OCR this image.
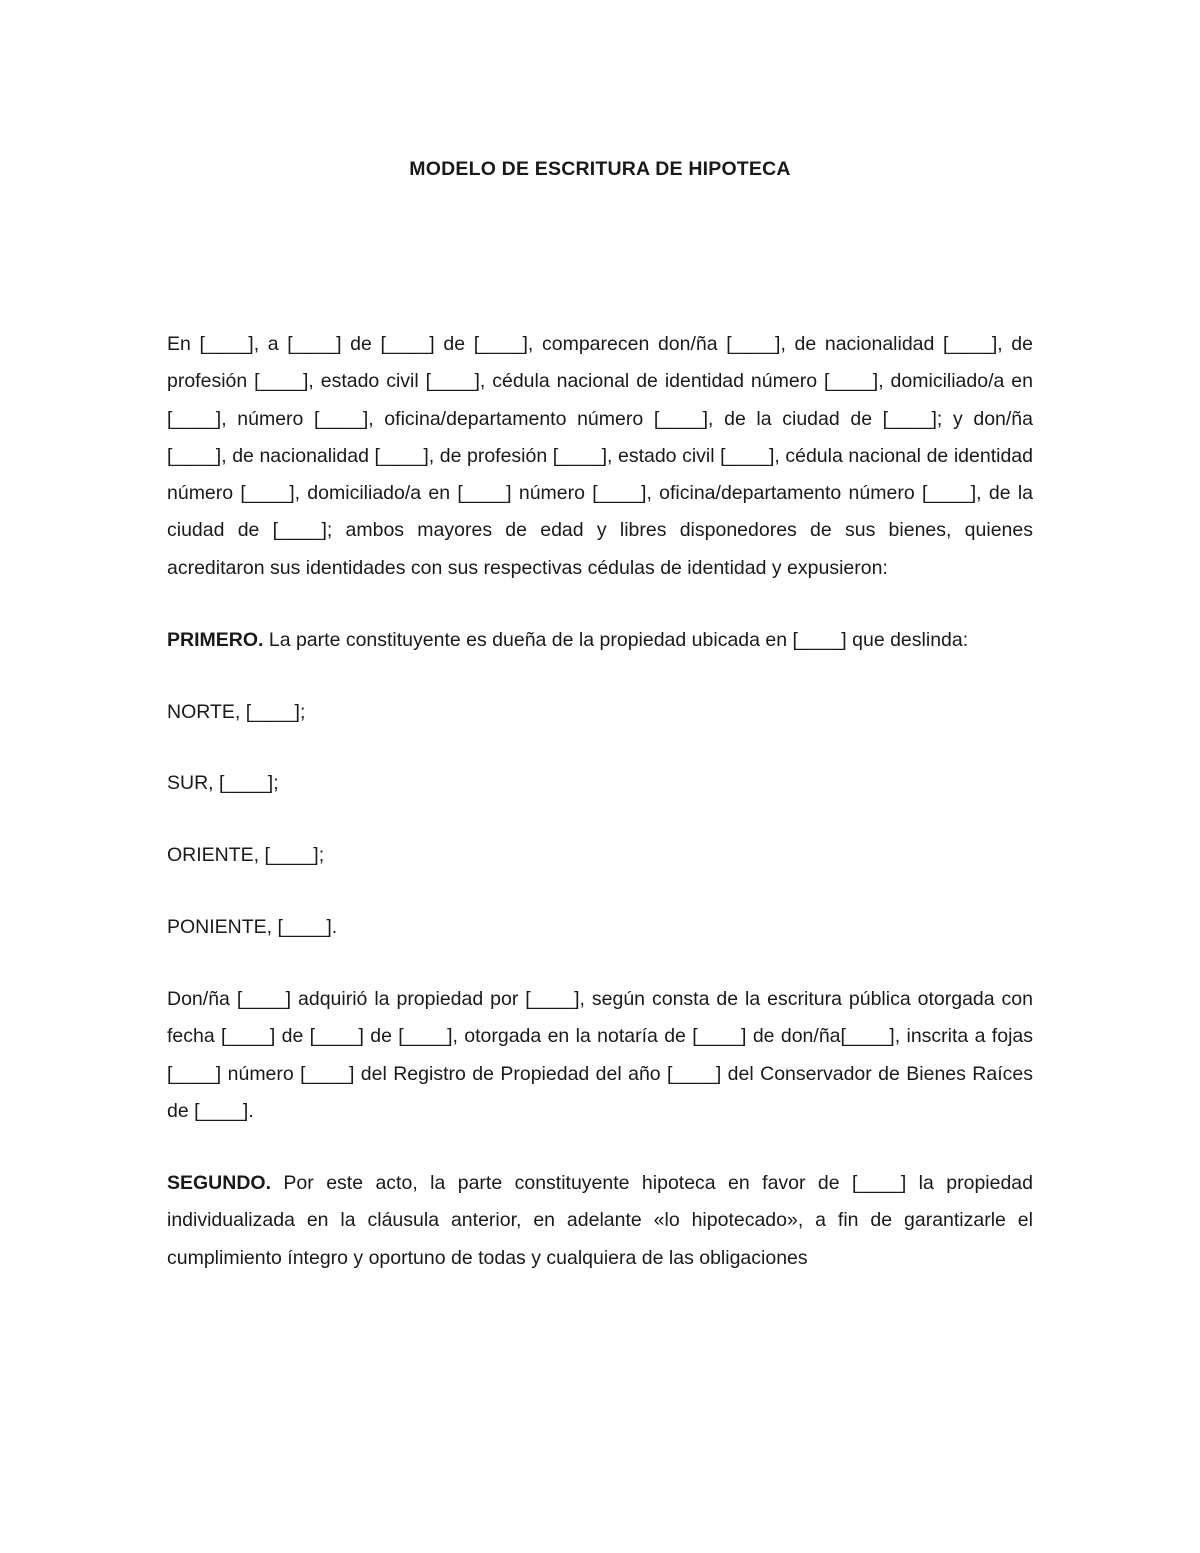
MODELO DE ESCRITURA DE HIPOTECA

En [____], a [____] de [____] de [____], comparecen don/ña [____], de nacionalidad [____], de profesión [____], estado civil [____], cédula nacional de identidad número [____], domiciliado/a en [____], número [____], oficina/departamento número [____], de la ciudad de [____]; y don/ña [____], de nacionalidad [____], de profesión [____], estado civil [____], cédula nacional de identidad número [____], domiciliado/a en [____] número [____], oficina/departamento número [____], de la ciudad de [____]; ambos mayores de edad y libres disponedores de sus bienes, quienes acreditaron sus identidades con sus respectivas cédulas de identidad y expusieron:

PRIMERO. La parte constituyente es dueña de la propiedad ubicada en [____] que deslinda:

NORTE, [____];

SUR, [____];

ORIENTE, [____];

PONIENTE, [____].

Don/ña [____] adquirió la propiedad por [____], según consta de la escritura pública otorgada con fecha [____] de [____] de [____], otorgada en la notaría de [____] de don/ña[____], inscrita a fojas [____] número [____] del Registro de Propiedad del año [____] del Conservador de Bienes Raíces de [____].

SEGUNDO. Por este acto, la parte constituyente hipoteca en favor de [____] la propiedad individualizada en la cláusula anterior, en adelante «lo hipotecado», a fin de garantizarle el cumplimiento íntegro y oportuno de todas y cualquiera de las obligaciones
